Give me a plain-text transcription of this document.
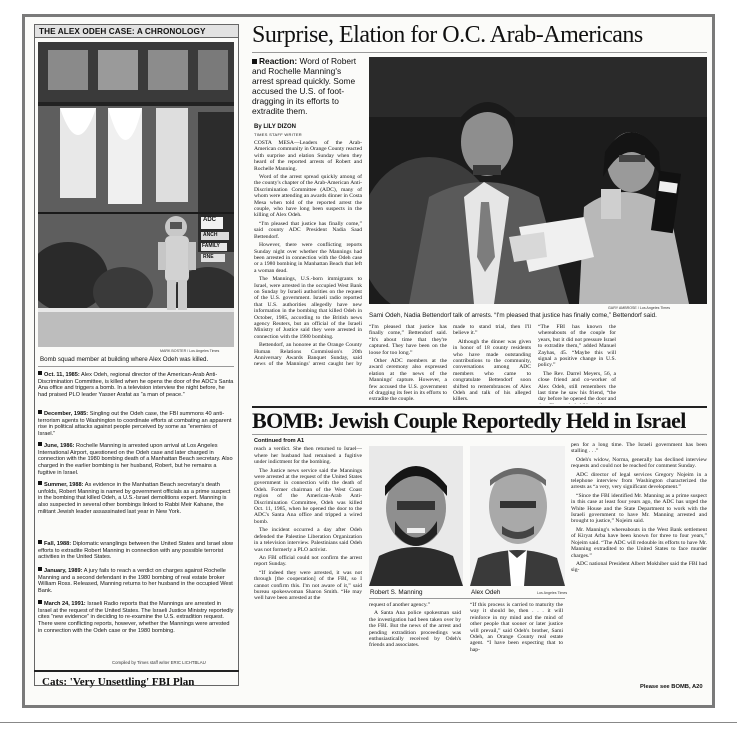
THE ALEX ODEH CASE: A CHRONOLOGY
ADC
ANCH
FAMILY
RNE
MARK BOSTER / Los Angeles Times
Bomb squad member at building where Alex Odeh was killed.
Oct. 11, 1985: Alex Odeh, regional director of the American-Arab Anti-Discrimination Committee, is killed when he opens the door of the ADC's Santa Ana office and triggers a bomb. In a television interview the night before, he had praised PLO leader Yasser Arafat as “a man of peace.”
December, 1985: Singling out the Odeh case, the FBI summons 40 anti-terrorism agents to Washington to coordinate efforts at combating an apparent rise in political attacks against people perceived by some as “enemies of Israel.”
June, 1986: Rochelle Manning is arrested upon arrival at Los Angeles International Airport, questioned on the Odeh case and later charged in connection with the 1980 bombing death of a Manhattan Beach secretary. Also charged in the earlier bombing is her husband, Robert, but he remains a fugitive in Israel.
Summer, 1988: As evidence in the Manhattan Beach secretary's death unfolds, Robert Manning is named by government officials as a prime suspect in the bombing that killed Odeh, a U.S.-Israel demolitions expert. Manning is also suspected in several other bombings linked to Rabbi Meir Kahane, the militant Jewish leader assassinated last year in New York.
Fall, 1988: Diplomatic wranglings between the United States and Israel slow efforts to extradite Robert Manning in connection with any possible terrorist activities in the United States.
January, 1989: A jury fails to reach a verdict on charges against Rochelle Manning and a second defendant in the 1980 bombing of real estate broker William Ross. Released, Manning returns to her husband in the occupied West Bank.
March 24, 1991: Israeli Radio reports that the Mannings are arrested in Israel at the request of the United States. The Israeli Justice Ministry reportedly cites “new evidence” in deciding to re-examine the U.S. extradition request. There were conflicting reports, however, whether the Mannings were arrested in connection with the Odeh case or the 1980 bombing.
Compiled by Times staff writer ERIC LICHTBLAU
Cats: 'Very Unsettling' FBI Plan
Surprise, Elation for O.C. Arab-Americans
Reaction: Word of Robert and Rochelle Manning's arrest spread quickly. Some accused the U.S. of foot-dragging in its efforts to extradite them.
By LILY DIZON
TIMES STAFF WRITER

COSTA MESA—Leaders of the Arab-American community in Orange County reacted with surprise and elation Sunday when they heard of the reported arrests of Robert and Rochelle Manning.

Word of the arrest spread quickly among of the county's chapter of the Arab-American Anti-Discrimination Committee (ADC), many of whom were attending an awards dinner in Costa Mesa when told of the reported arrest the couple, who have long been suspects in the killing of Alex Odeh.

“I'm pleased that justice has finally come,” said county ADC President Nadia Saad Bettendorf.

However, there were conflicting reports Sunday night over whether the Mannings had been arrested in connection with the Odeh case or a 1980 bombing in Manhattan Beach that left a woman dead.

The Mannings, U.S.-born immigrants to Israel, were arrested in the occupied West Bank on Sunday by Israeli authorities on the request of the U.S. government. Israeli radio reported that U.S. authorities allegedly have new information in the bombing that killed Odeh in October, 1985, according to the British news agency Reuters, but an official of the Israeli Ministry of Justice said they were arrested in connection with the 1980 bombing.

Bettendorf, an honoree at the Orange County Human Relations Commission's 20th Anniversary Awards Banquet Sunday, said news of the Mannings' arrest caught her by

GARY AMBROSE / Los Angeles Times
Sami Odeh, Nadia Bettendorf talk of arrests. “I'm pleased that justice has finally come,” Bettendorf said.

“I'm pleased that justice has finally come,” Bettendorf said. “It's about time that they're captured. They have been on the loose for too long.”

Other ADC members at the award ceremony also expressed elation at the news of the Mannings' capture. However, a few accused the U.S. government of dragging its feet in its efforts to extradite the couple.

made to stand trial, then I'll believe it.”

Although the dinner was given in honor of 18 county residents who have made outstanding contributions to the community, conversations among ADC members who came to congratulate Bettendorf soon shifted to remembrances of Alex Odeh and talk of his alleged killers.

“The FBI has known the whereabouts of the couple for years, but it did not pressure Israel to extradite them,” added Manuel Zayhas, 45. “Maybe this will signal a positive change in U.S. policy.”

The Rev. Darrel Meyers, 56, a close friend and co-worker of Alex Odeh, still remembers the last time he saw his friend, “the day before he opened the door and

BOMB: Jewish Couple Reportedly Held in Israel

Continued from A1

reach a verdict. She then returned to Israel—where her husband had remained a fugitive under indictment for the bombing.

The Justice news service said the Mannings were arrested at the request of the United States government in connection with the death of Odeh. Former chairman of the West Coast region of the American-Arab Anti-Discrimination Committee, Odeh was killed Oct. 11, 1985, when he opened the door to the ADC's Santa Ana office and tripped a wired bomb.

The incident occurred a day after Odeh defended the Palestine Liberation Organization in a television interview. Palestinians said Odeh was not formerly a PLO activist.

An FBI official could not confirm the arrest report Sunday.

“If indeed they were arrested, it was not through [the cooperation] of the FBI, so I cannot confirm this. I'm not aware of it,” said bureau spokeswoman Sharon Smith. “He may well have been arrested at the

Robert S. Manning	Alex Odeh	Los Angeles Times

request of another agency.”

A Santa Ana police spokesman said the investigation had been taken over by the FBI. But the news of the arrest and pending extradition proceedings was enthusiastically received by Odeh's friends and associates.

“If this process is carried to maturity the way it should be, then . . . it will reinforce in my mind and the mind of other people that sooner or later justice will prevail,” said Odeh's brother, Sami Odeh, an Orange County real estate agent. “I have been expecting that to hap-

pen for a long time. The Israeli government has been stalling . . .”

Odeh's widow, Norma, generally has declined interview requests and could not be reached for comment Sunday.

ADC director of legal services Gregory Nojeim in a telephone interview from Washington characterized the arrests as “a very, very significant development.”

“Since the FBI identified Mr. Manning as a prime suspect in this case at least four years ago, the ADC has urged the White House and the State Department to work with the Israeli government to have Mr. Manning arrested and brought to justice,” Nojeim said.

Mr. Manning's whereabouts in the West Bank settlement of Kiryat Arba have been known for three to four years,” Nojeim said. “The ADC will redouble its efforts to have Mr. Manning extradited to the United States to face murder charges.”

ADC national President Albert Mokhiber said the FBI had sig-

Please see BOMB, A20
